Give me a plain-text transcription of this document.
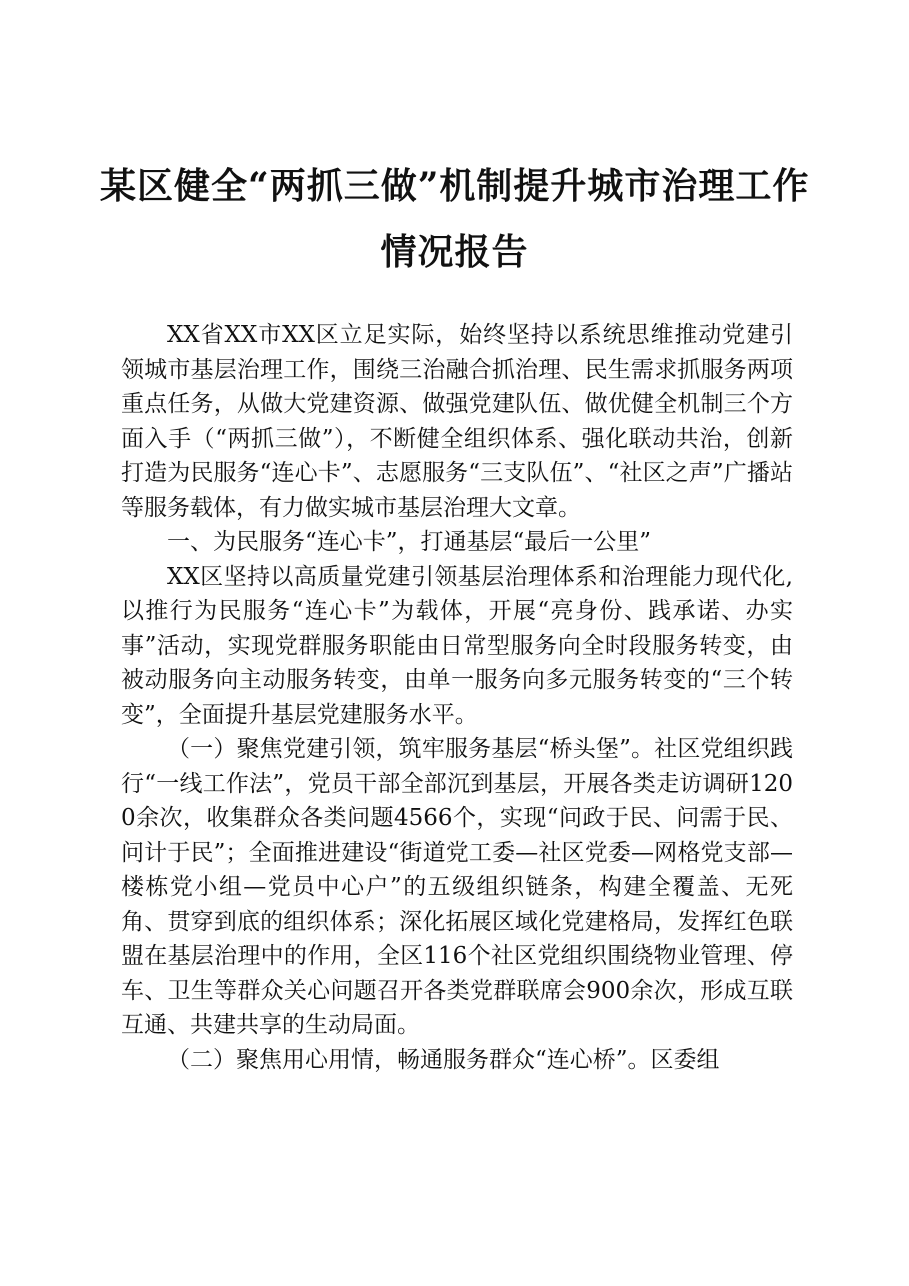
某区健全“两抓三做”机制提升城市治理工作
情况报告

XX省XX市XX区立足实际，始终坚持以系统思维推动党建引领城市基层治理工作，围绕三治融合抓治理、民生需求抓服务两项重点任务，从做大党建资源、做强党建队伍、做优健全机制三个方面入手（“两抓三做”），不断健全组织体系、强化联动共治，创新打造为民服务“连心卡”、志愿服务“三支队伍”、“社区之声”广播站等服务载体，有力做实城市基层治理大文章。

一、为民服务“连心卡”，打通基层“最后一公里”

XX区坚持以高质量党建引领基层治理体系和治理能力现代化,以推行为民服务“连心卡”为载体，开展“亮身份、践承诺、办实事”活动，实现党群服务职能由日常型服务向全时段服务转变，由被动服务向主动服务转变，由单一服务向多元服务转变的“三个转变”，全面提升基层党建服务水平。

（一）聚焦党建引领，筑牢服务基层“桥头堡”。社区党组织践行“一线工作法”，党员干部全部沉到基层，开展各类走访调研1200余次，收集群众各类问题4566个，实现“问政于民、问需于民、问计于民”；全面推进建设“街道党工委—社区党委—网格党支部—楼栋党小组—党员中心户”的五级组织链条，构建全覆盖、无死角、贯穿到底的组织体系；深化拓展区域化党建格局，发挥红色联盟在基层治理中的作用，全区116个社区党组织围绕物业管理、停车、卫生等群众关心问题召开各类党群联席会900余次，形成互联互通、共建共享的生动局面。

（二）聚焦用心用情，畅通服务群众“连心桥”。区委组
